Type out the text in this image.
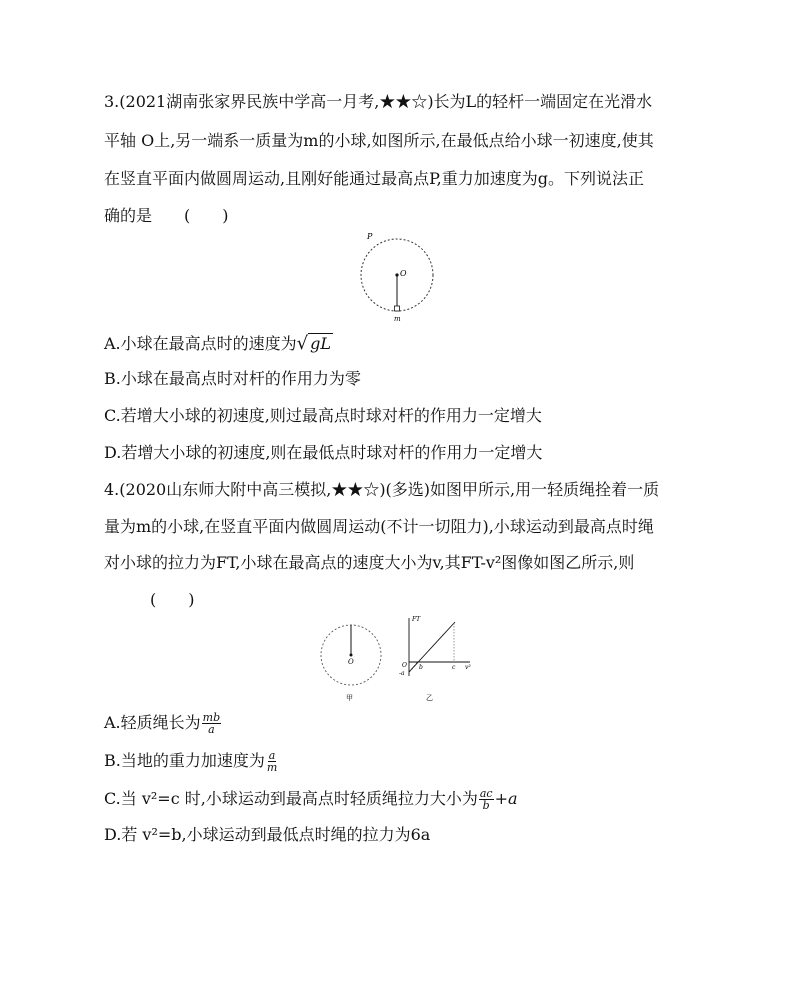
3.(2021湖南张家界民族中学高一月考,★★☆)长为L的轻杆一端固定在光滑水
平轴 O上,另一端系一质量为m的小球,如图所示,在最低点给小球一初速度,使其
在竖直平面内做圆周运动,且刚好能通过最高点P,重力加速度为g。下列说法正
确的是　　(　　)
P
O
m
A.小球在最高点时的速度为√ gL
B.小球在最高点时对杆的作用力为零
C.若增大小球的初速度,则过最高点时球对杆的作用力一定增大
D.若增大小球的初速度,则在最低点时球对杆的作用力一定增大
4.(2020山东师大附中高三模拟,★★☆)(多选)如图甲所示,用一轻质绳拴着一质
量为m的小球,在竖直平面内做圆周运动(不计一切阻力),小球运动到最高点时绳
对小球的拉力为FT,小球在最高点的速度大小为v,其FT-v²图像如图乙所示,则
(　　)
O
甲
FT
v²
O b	c
-a
乙
A.轻质绳长为 $\frac{mb}{a}$
B.当地的重力加速度为 $\frac{a}{m}$
C.当 v²=c 时,小球运动到最高点时轻质绳拉力大小为 $\frac{ac}{b} +a$
D.若 v²=b,小球运动到最低点时绳的拉力为6a
